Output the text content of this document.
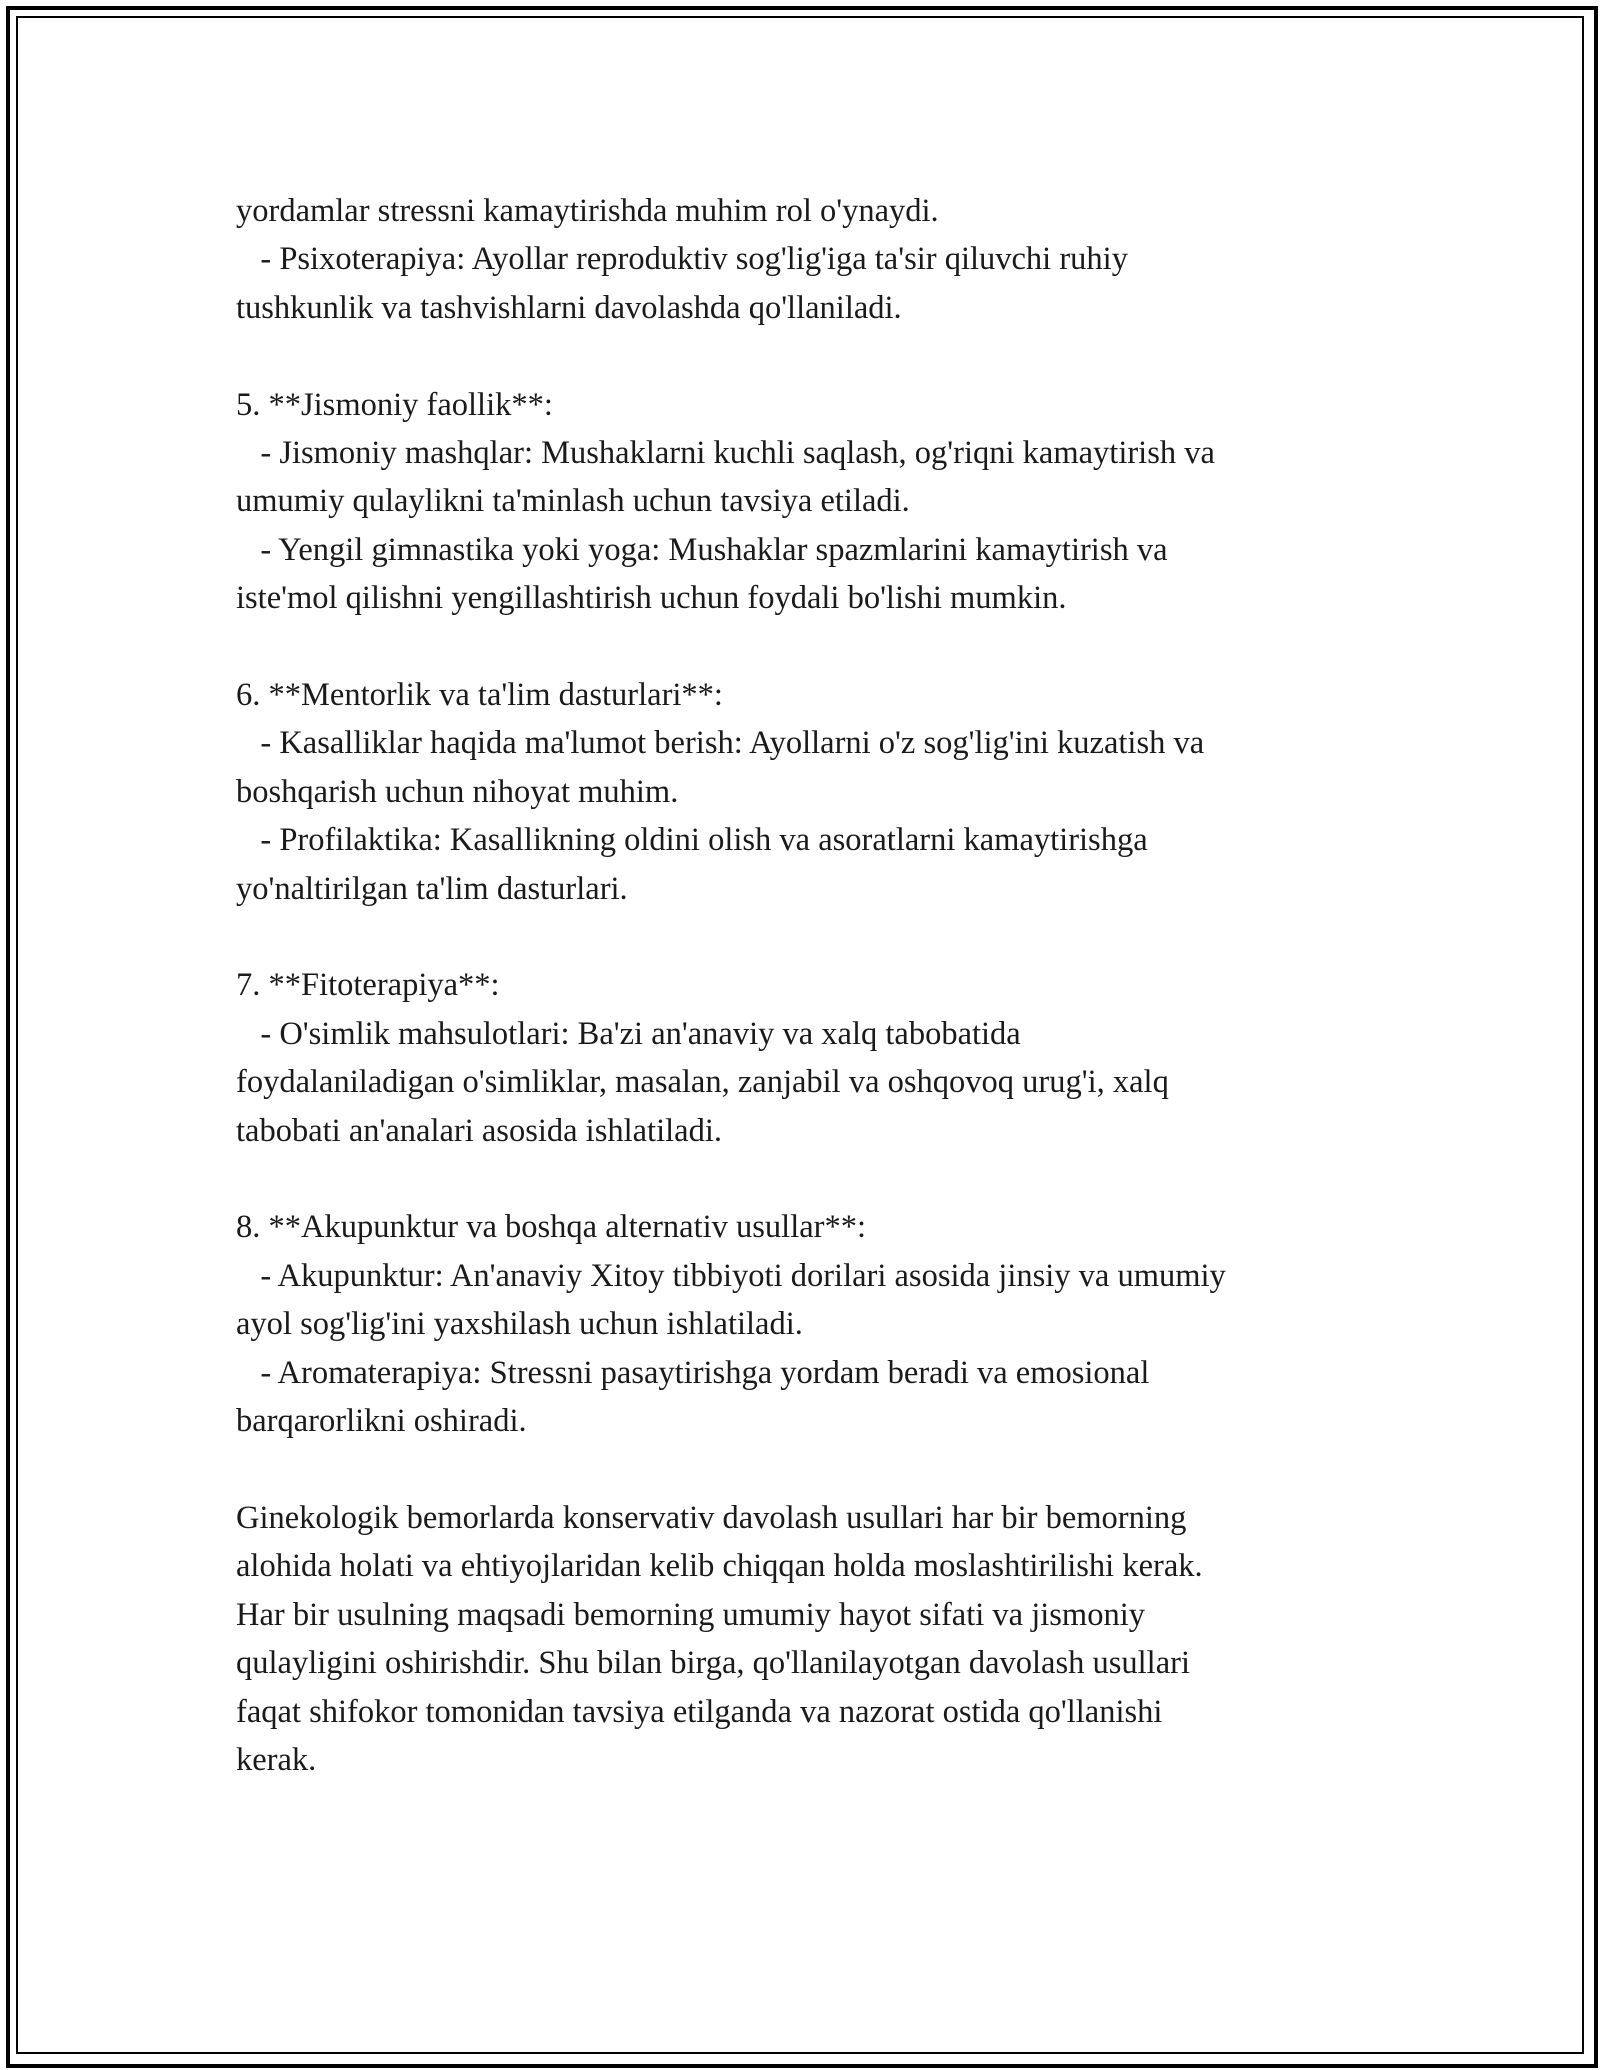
yordamlar stressni kamaytirishda muhim rol o'ynaydi.
- Psixoterapiya: Ayollar reproduktiv sog'lig'iga ta'sir qiluvchi ruhiy
tushkunlik va tashvishlarni davolashda qo'llaniladi.

5. **Jismoniy faollik**:
- Jismoniy mashqlar: Mushaklarni kuchli saqlash, og'riqni kamaytirish va
umumiy qulaylikni ta'minlash uchun tavsiya etiladi.
- Yengil gimnastika yoki yoga: Mushaklar spazmlarini kamaytirish va
iste'mol qilishni yengillashtirish uchun foydali bo'lishi mumkin.

6. **Mentorlik va ta'lim dasturlari**:
- Kasalliklar haqida ma'lumot berish: Ayollarni o'z sog'lig'ini kuzatish va
boshqarish uchun nihoyat muhim.
- Profilaktika: Kasallikning oldini olish va asoratlarni kamaytirishga
yo'naltirilgan ta'lim dasturlari.

7. **Fitoterapiya**:
- O'simlik mahsulotlari: Ba'zi an'anaviy va xalq tabobatida
foydalaniladigan o'simliklar, masalan, zanjabil va oshqovoq urug'i, xalq
tabobati an'analari asosida ishlatiladi.

8. **Akupunktur va boshqa alternativ usullar**:
- Akupunktur: An'anaviy Xitoy tibbiyoti dorilari asosida jinsiy va umumiy
ayol sog'lig'ini yaxshilash uchun ishlatiladi.
- Aromaterapiya: Stressni pasaytirishga yordam beradi va emosional
barqarorlikni oshiradi.

Ginekologik bemorlarda konservativ davolash usullari har bir bemorning
alohida holati va ehtiyojlaridan kelib chiqqan holda moslashtirilishi kerak.
Har bir usulning maqsadi bemorning umumiy hayot sifati va jismoniy
qulayligini oshirishdir. Shu bilan birga, qo'llanilayotgan davolash usullari
faqat shifokor tomonidan tavsiya etilganda va nazorat ostida qo'llanishi
kerak.
